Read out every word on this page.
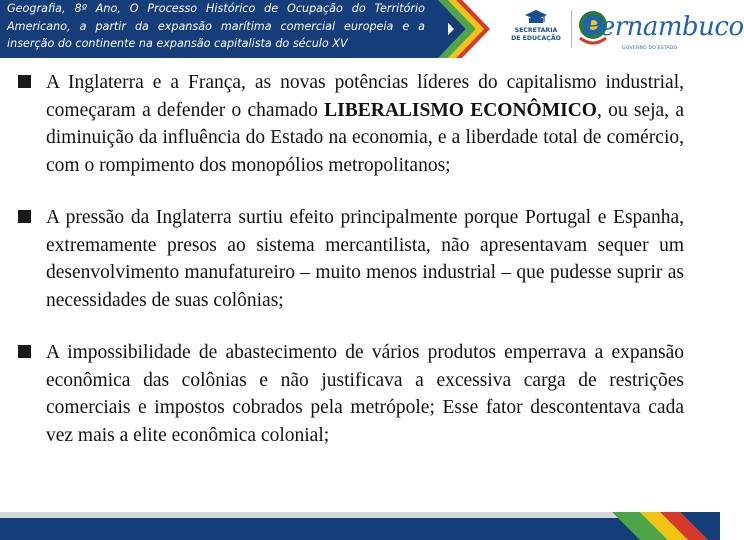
Geografia, 8º Ano, O Processo Histórico de Ocupação do Território Americano, a partir da expansão marítima comercial europeia e a inserção do continente na expansão capitalista do século XV
SECRETARIA
DE EDUCAÇÃO Pernambuco
GOVERNO DO ESTADO
A Inglaterra e a França, as novas potências líderes do capitalismo industrial, começaram a defender o chamado LIBERALISMO ECONÔMICO, ou seja, a diminuição da influência do Estado na economia, e a liberdade total de comércio, com o rompimento dos monopólios metropolitanos;
A pressão da Inglaterra surtiu efeito principalmente porque Portugal e Espanha, extremamente presos ao sistema mercantilista, não apresentavam sequer um desenvolvimento manufatureiro – muito menos industrial – que pudesse suprir as necessidades de suas colônias;
A impossibilidade de abastecimento de vários produtos emperrava a expansão econômica das colônias e não justificava a excessiva carga de restrições comerciais e impostos cobrados pela metrópole; Esse fator descontentava cada vez mais a elite econômica colonial;
